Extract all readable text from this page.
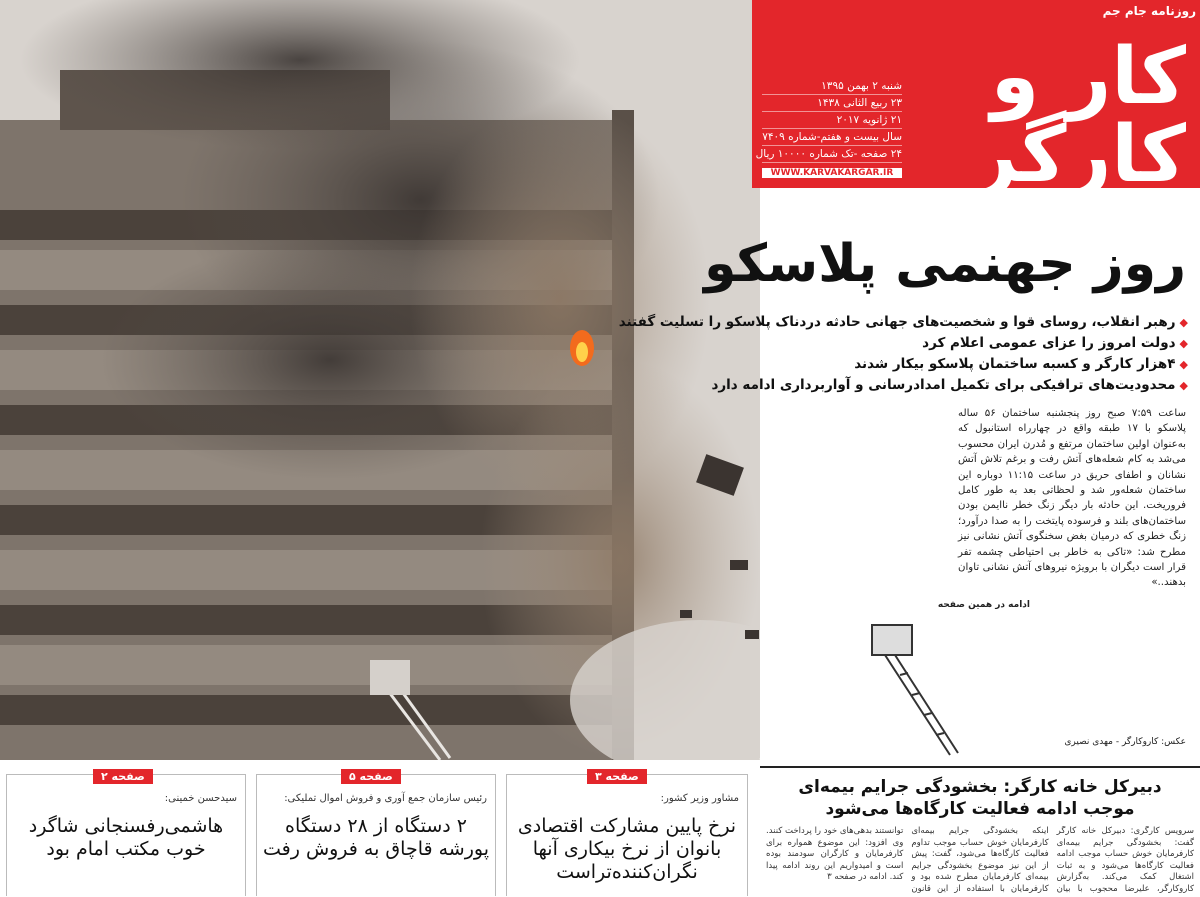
روزنامه جام جم
کار و کارگر
شنبه ۲ بهمن ۱۳۹۵
۲۳ ربیع الثانی ۱۴۳۸
۲۱ ژانویه ۲۰۱۷
سال بیست و هفتم-شماره ۷۴۰۹
۲۴ صفحه -تک شماره ۱۰۰۰۰ ریال
WWW.KARVAKARGAR.IR
روز جهنمی پلاسکو
◆رهبر انقلاب، روسای قوا و شخصیت‌های جهانی حادثه دردناک پلاسکو را تسلیت گفتند
◆دولت امروز را عزای عمومی اعلام کرد
◆۴هزار کارگر و کسبه ساختمان پلاسکو بیکار شدند
◆محدودیت‌های ترافیکی برای تکمیل امدادرسانی و آواربرداری ادامه دارد
ساعت ۷:۵۹ صبح روز پنجشنبه ساختمان ۵۶ ساله پلاسکو با ۱۷ طبقه واقع در چهارراه استانبول که به‌عنوان اولین ساختمان مرتفع و مُدرن ایران محسوب می‌شد به کام شعله‌های آتش رفت و برغم تلاش آتش نشانان و اطفای حریق در ساعت ۱۱:۱۵ دوباره این ساختمان شعله‌ور شد و لحظاتی بعد به طور کامل فروریخت. این حادثه بار دیگر زنگ خطر ناایمن بودن ساختمان‌های بلند و فرسوده پایتخت را به صدا درآورد؛ زنگ خطری که درمیان بغض سخنگوی آتش نشانی نیز مطرح شد: «تاکی به خاطر بی احتیاطی چشمه تفر قرار است دیگران با برویژه نیروهای آتش نشانی تاوان بدهند..»
ادامه در همین صفحه
عکس: کاروکارگر - مهدی نصیری
صفحه ۲
سیدحسن خمینی:
هاشمی‌رفسنجانی شاگرد خوب مکتب امام بود
صفحه ۵
رئیس سازمان جمع آوری و فروش اموال تملیکی:
۲ دستگاه از ۲۸ دستگاه پورشه قاچاق به فروش رفت
صفحه ۳
مشاور وزیر کشور:
نرخ پایین مشارکت اقتصادی بانوان از نرخ بیکاری آنها نگران‌کننده‌تراست
دبیرکل خانه کارگر: بخشودگی جرایم بیمه‌ای موجب ادامه فعالیت کارگاه‌ها می‌شود
سرویس کارگری: دبیرکل خانه کارگر گفت: بخشودگی جرایم بیمه‌ای کارفرمایان خوش حساب موجب ادامه فعالیت کارگاه‌ها می‌شود و به ثبات اشتغال کمک می‌کند. به‌گزارش کاروکارگر، علیرضا محجوب با بیان اینکه بخشودگی جرایم بیمه‌ای کارفرمایان خوش حساب موجب تداوم فعالیت کارگاه‌ها می‌شود، گفت: پیش از این نیز موضوع بخشودگی جرایم بیمه‌ای کارفرمایان مطرح شده بود و کارفرمایان با استفاده از این قانون توانستند بدهی‌های خود را پرداخت کنند. وی افزود: این موضوع همواره برای کارفرمایان و کارگران سودمند بوده است و امیدواریم این روند ادامه پیدا کند. ادامه در صفحه ۳
